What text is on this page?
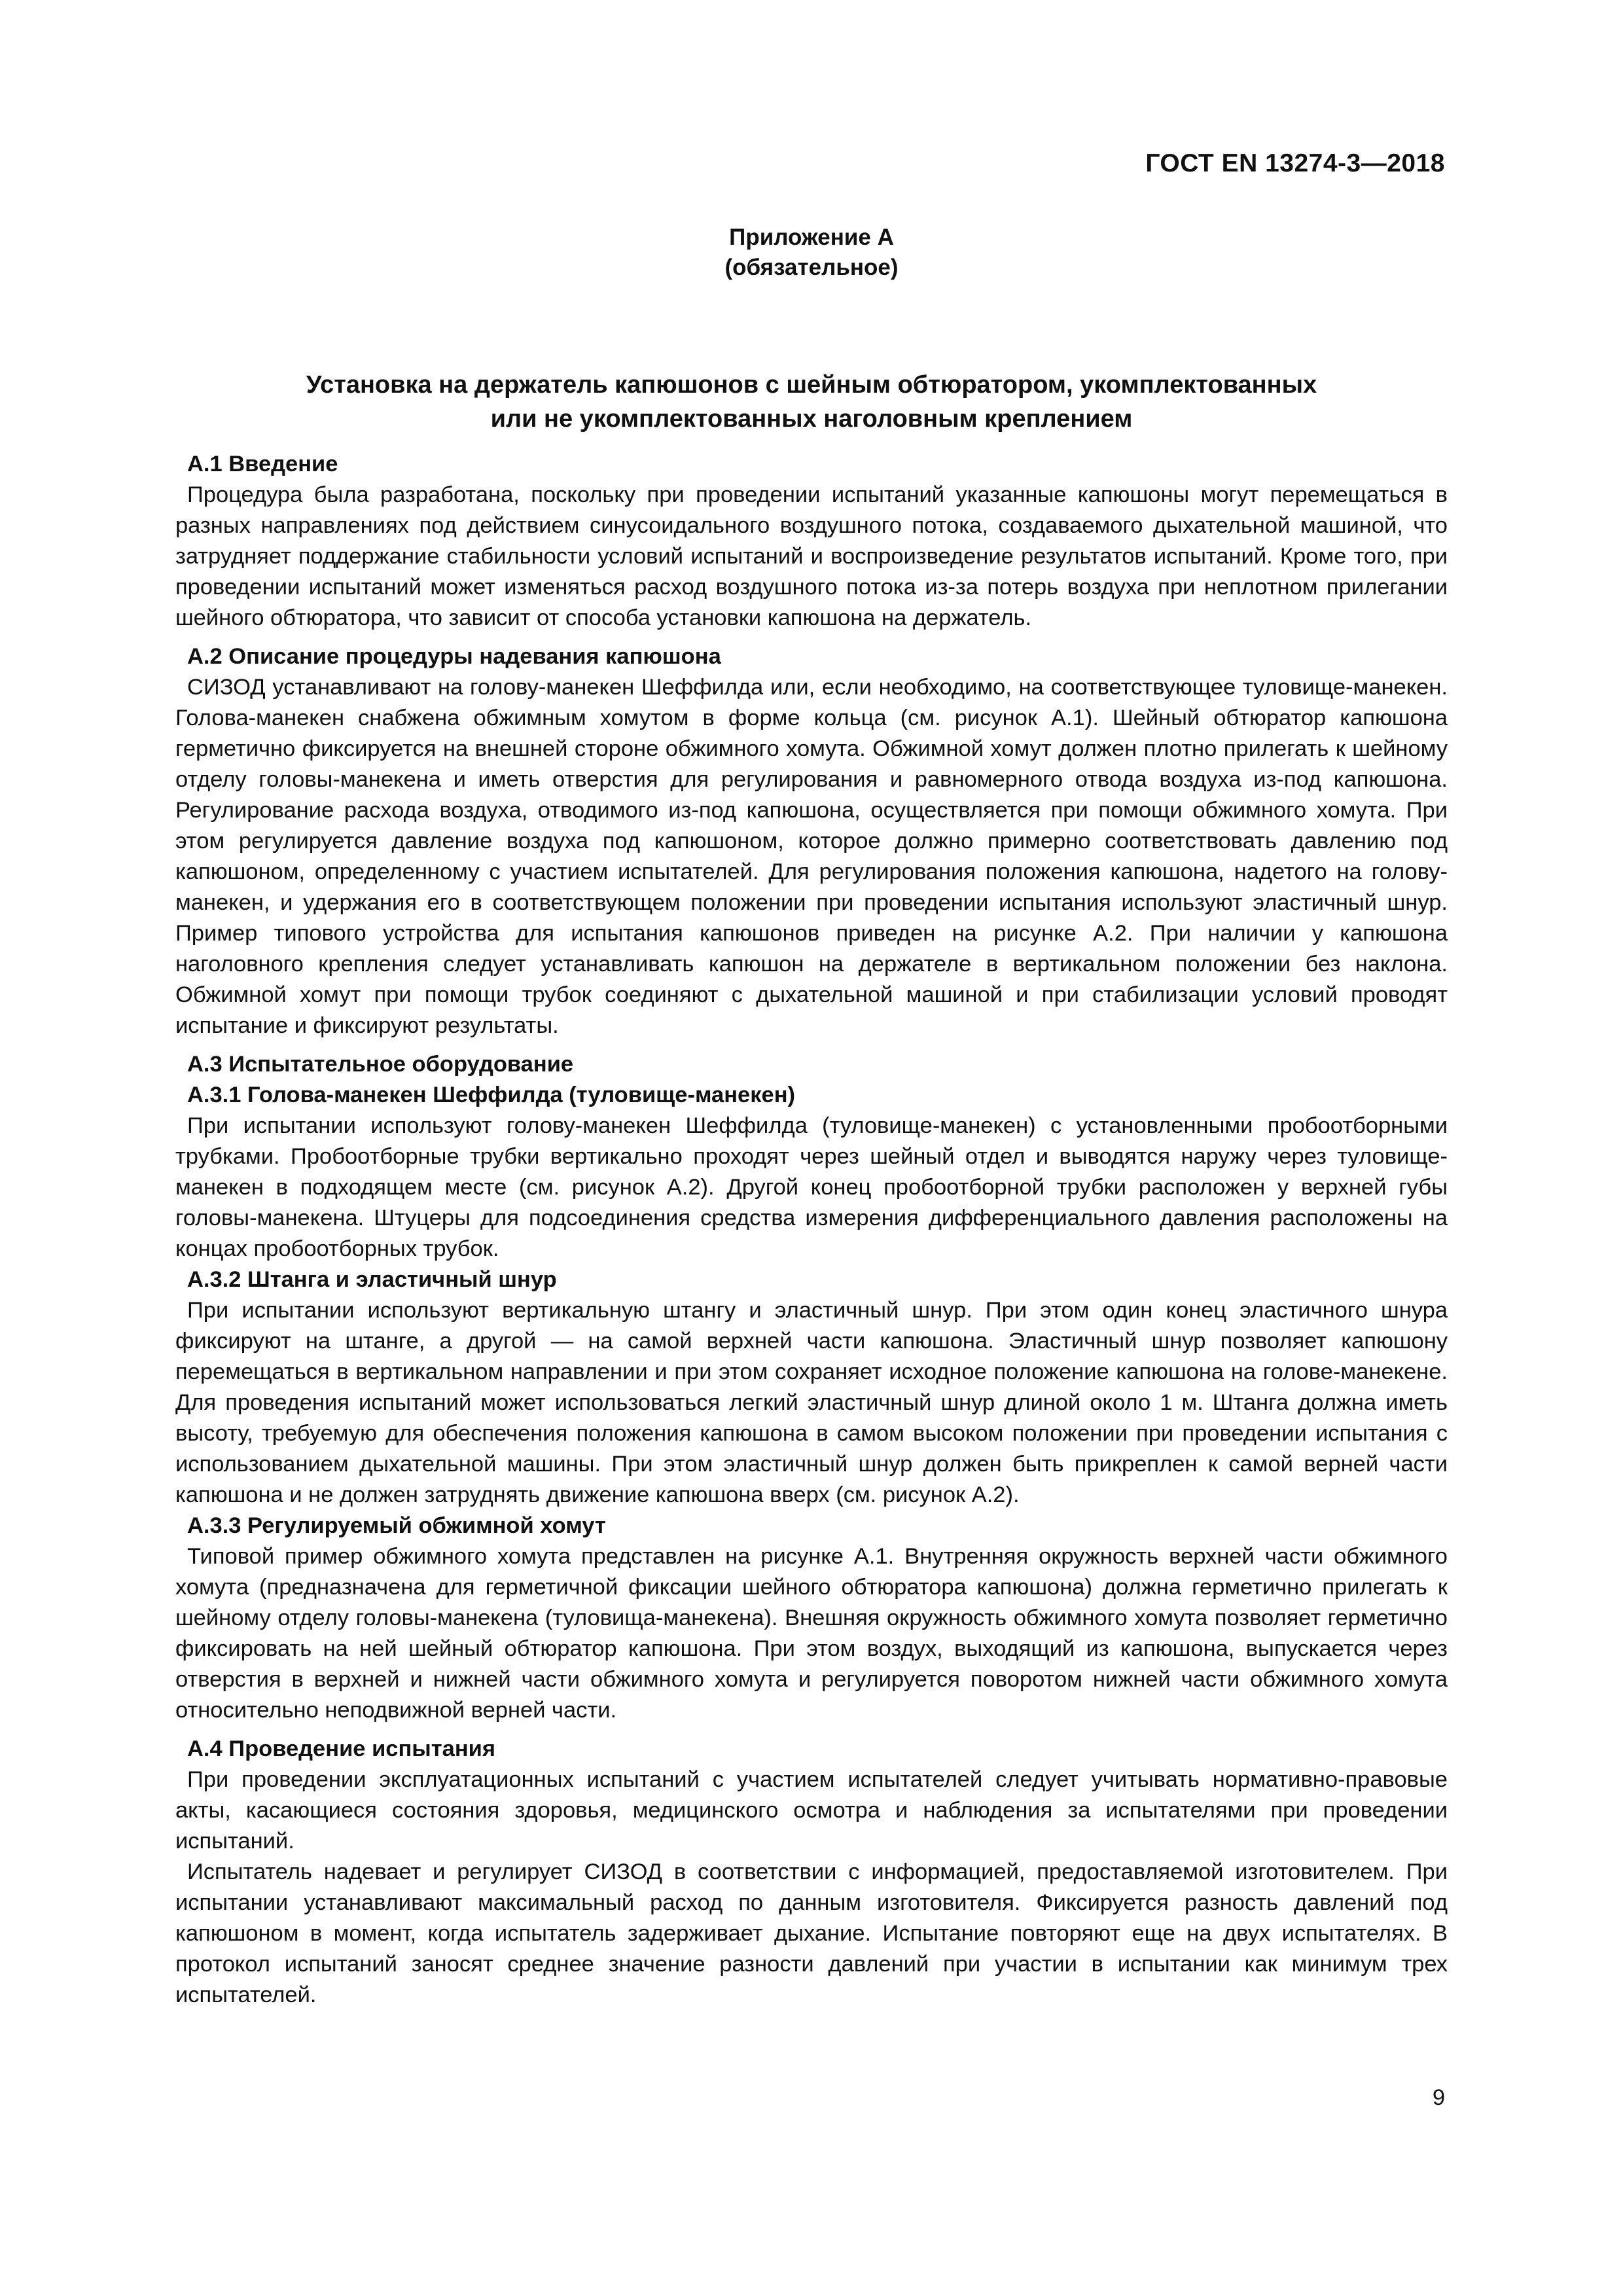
ГОСТ EN 13274-3—2018
Приложение А
(обязательное)
Установка на держатель капюшонов с шейным обтюратором, укомплектованных
или не укомплектованных наголовным креплением
А.1 Введение

Процедура была разработана, поскольку при проведении испытаний указанные капюшоны могут перемещаться в разных направлениях под действием синусоидального воздушного потока, создаваемого дыхательной машиной, что затрудняет поддержание стабильности условий испытаний и воспроизведение результатов испытаний. Кроме того, при проведении испытаний может изменяться расход воздушного потока из-за потерь воздуха при неплотном прилегании шейного обтюратора, что зависит от способа установки капюшона на держатель.

А.2 Описание процедуры надевания капюшона

СИЗОД устанавливают на голову-манекен Шеффилда или, если необходимо, на соответствующее туловище-манекен. Голова-манекен снабжена обжимным хомутом в форме кольца (см. рисунок А.1). Шейный обтюратор капюшона герметично фиксируется на внешней стороне обжимного хомута. Обжимной хомут должен плотно прилегать к шейному отделу головы-манекена и иметь отверстия для регулирования и равномерного отвода воздуха из-под капюшона. Регулирование расхода воздуха, отводимого из-под капюшона, осуществляется при помощи обжимного хомута. При этом регулируется давление воздуха под капюшоном, которое должно примерно соответствовать давлению под капюшоном, определенному с участием испытателей. Для регулирования положения капюшона, надетого на голову-манекен, и удержания его в соответствующем положении при проведении испытания используют эластичный шнур. Пример типового устройства для испытания капюшонов приведен на рисунке А.2. При наличии у капюшона наголовного крепления следует устанавливать капюшон на держателе в вертикальном положении без наклона. Обжимной хомут при помощи трубок соединяют с дыхательной машиной и при стабилизации условий проводят испытание и фиксируют результаты.

А.3 Испытательное оборудование
А.3.1 Голова-манекен Шеффилда (туловище-манекен)

При испытании используют голову-манекен Шеффилда (туловище-манекен) с установленными пробоотборными трубками. Пробоотборные трубки вертикально проходят через шейный отдел и выводятся наружу через туловище-манекен в подходящем месте (см. рисунок А.2). Другой конец пробоотборной трубки расположен у верхней губы головы-манекена. Штуцеры для подсоединения средства измерения дифференциального давления расположены на концах пробоотборных трубок.

А.3.2 Штанга и эластичный шнур

При испытании используют вертикальную штангу и эластичный шнур. При этом один конец эластичного шнура фиксируют на штанге, а другой — на самой верхней части капюшона. Эластичный шнур позволяет капюшону перемещаться в вертикальном направлении и при этом сохраняет исходное положение капюшона на голове-манекене. Для проведения испытаний может использоваться легкий эластичный шнур длиной около 1 м. Штанга должна иметь высоту, требуемую для обеспечения положения капюшона в самом высоком положении при проведении испытания с использованием дыхательной машины. При этом эластичный шнур должен быть прикреплен к самой верней части капюшона и не должен затруднять движение капюшона вверх (см. рисунок А.2).

А.3.3 Регулируемый обжимной хомут

Типовой пример обжимного хомута представлен на рисунке А.1. Внутренняя окружность верхней части обжимного хомута (предназначена для герметичной фиксации шейного обтюратора капюшона) должна герметично прилегать к шейному отделу головы-манекена (туловища-манекена). Внешняя окружность обжимного хомута позволяет герметично фиксировать на ней шейный обтюратор капюшона. При этом воздух, выходящий из капюшона, выпускается через отверстия в верхней и нижней части обжимного хомута и регулируется поворотом нижней части обжимного хомута относительно неподвижной верней части.

А.4 Проведение испытания

При проведении эксплуатационных испытаний с участием испытателей следует учитывать нормативно-правовые акты, касающиеся состояния здоровья, медицинского осмотра и наблюдения за испытателями при проведении испытаний.

Испытатель надевает и регулирует СИЗОД в соответствии с информацией, предоставляемой изготовителем. При испытании устанавливают максимальный расход по данным изготовителя. Фиксируется разность давлений под капюшоном в момент, когда испытатель задерживает дыхание. Испытание повторяют еще на двух испытателях. В протокол испытаний заносят среднее значение разности давлений при участии в испытании как минимум трех испытателей.

9
